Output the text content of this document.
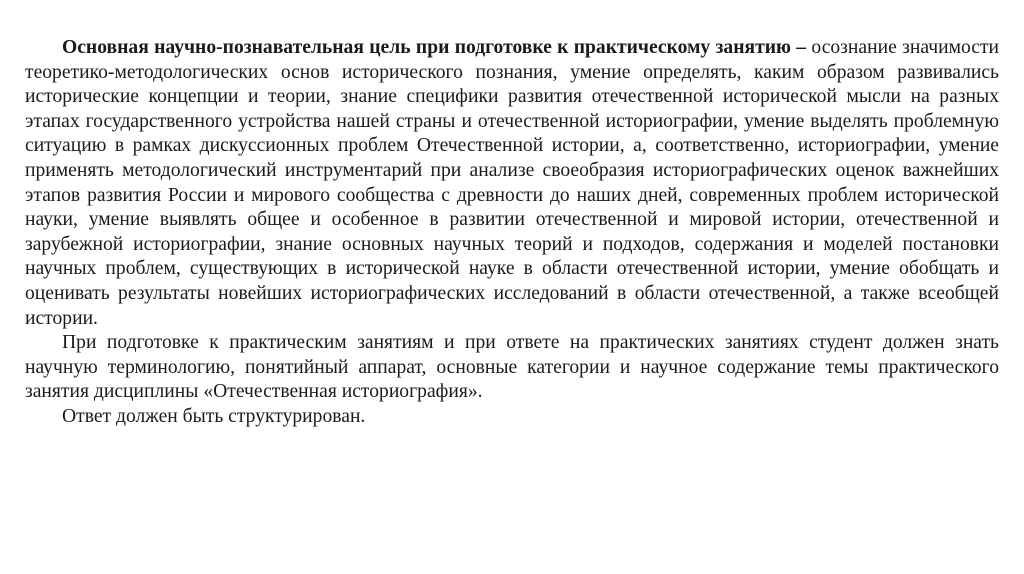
Основная научно-познавательная цель при подготовке к практическому занятию – осознание значимости теоретико-методологических основ исторического познания, умение определять, каким образом развивались исторические концепции и теории, знание специфики развития отечественной исторической мысли на разных этапах государственного устройства нашей страны и отечественной историографии, умение выделять проблемную ситуацию в рамках дискуссионных проблем Отечественной истории, а, соответственно, историографии, умение применять методологический инструментарий при анализе своеобразия историографических оценок важнейших этапов развития России и мирового сообщества с древности до наших дней, современных проблем исторической науки, умение выявлять общее и особенное в развитии отечественной и мировой истории, отечественной и зарубежной историографии, знание основных научных теорий и подходов, содержания и моделей постановки научных проблем, существующих в исторической науке в области отечественной истории, умение обобщать и оценивать результаты новейших историографических исследований в области отечественной, а также всеобщей истории.

При подготовке к практическим занятиям и при ответе на практических занятиях студент должен знать научную терминологию, понятийный аппарат, основные категории и научное содержание темы практического занятия дисциплины «Отечественная историография».

Ответ должен быть структурирован.
